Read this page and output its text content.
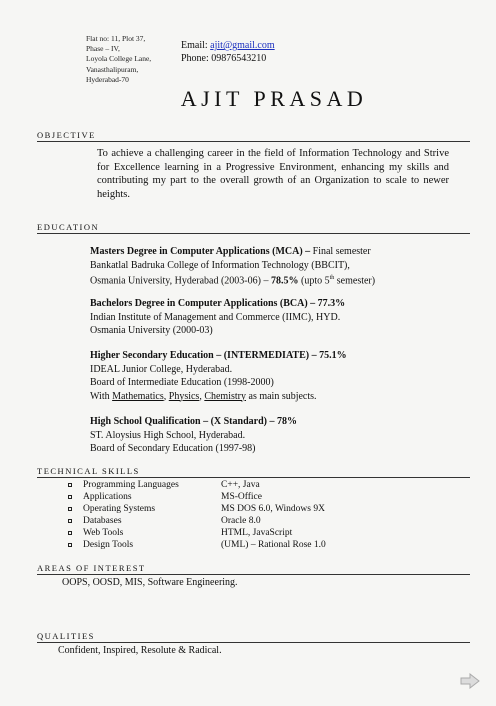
Flat no: 11, Plot 37,
Phase – IV,
Loyola College Lane,
Vanasthalipuram,
Hyderabad-70
Email: ajit@gmail.com
Phone: 09876543210
AJIT PRASAD
OBJECTIVE
To achieve a challenging career in the field of Information Technology and Strive for Excellence learning in a Progressive Environment, enhancing my skills and contributing my part to the overall growth of an Organization to scale to newer heights.
EDUCATION
Masters Degree in Computer Applications (MCA) – Final semester
Bankatlal Badruka College of Information Technology (BBCIT),
Osmania University, Hyderabad (2003-06) – 78.5% (upto 5th semester)
Bachelors Degree in Computer Applications (BCA) – 77.3%
Indian Institute of Management and Commerce (IIMC), HYD.
Osmania University (2000-03)
Higher Secondary Education – (INTERMEDIATE) – 75.1%
IDEAL Junior College, Hyderabad.
Board of Intermediate Education (1998-2000)
With Mathematics, Physics, Chemistry as main subjects.
High School Qualification – (X Standard) – 78%
ST. Aloysius High School, Hyderabad.
Board of Secondary Education (1997-98)
TECHNICAL SKILLS
Programming Languages	C++, Java
Applications	MS-Office
Operating Systems	MS DOS 6.0, Windows 9X
Databases	Oracle 8.0
Web Tools	HTML, JavaScript
Design Tools	(UML) – Rational Rose 1.0
AREAS OF INTEREST
OOPS, OOSD, MIS, Software Engineering.
QUALITIES
Confident, Inspired, Resolute & Radical.
